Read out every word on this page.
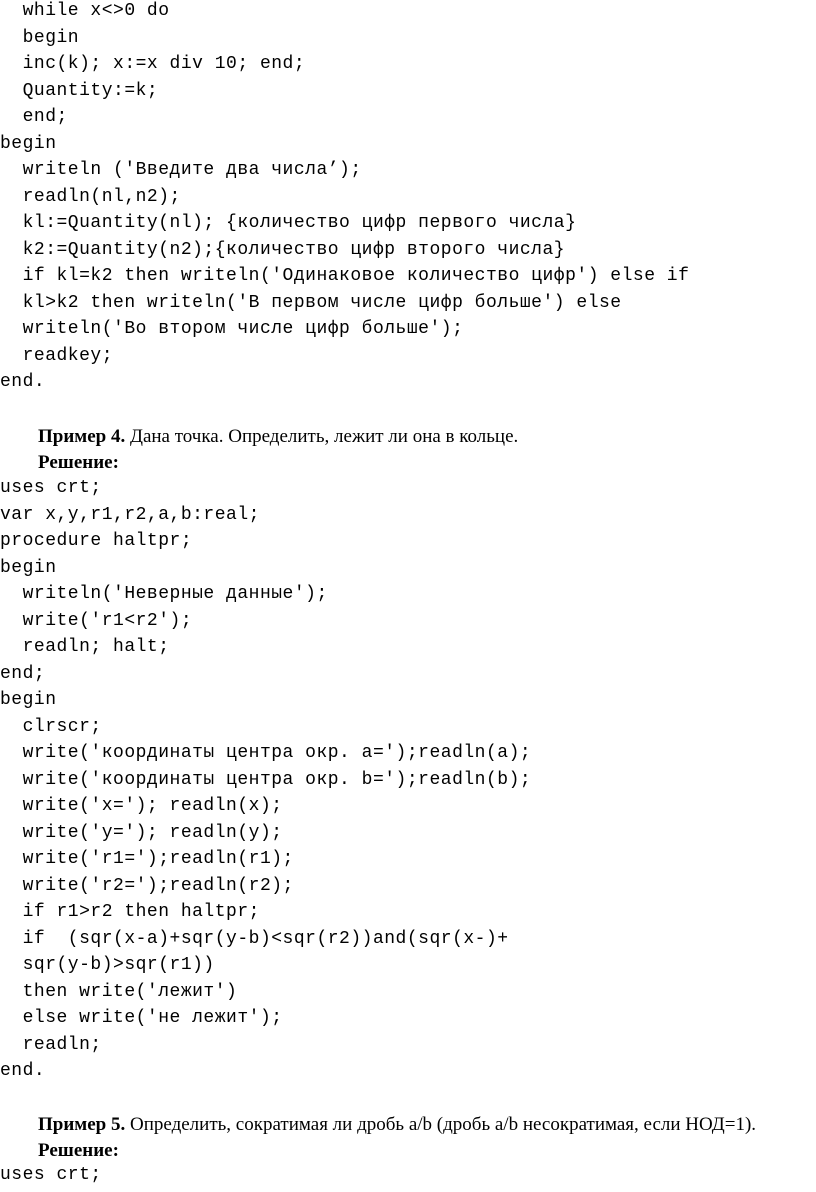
while x<>0 do
begin
inc(k); x:=x div 10; end;
Quantity:=k;
end;
begin
writeln ('Введите два числа’);
readln(nl,n2);
kl:=Quantity(nl); {количество цифр первого числа}
k2:=Quantity(n2);{количество цифр второго числа}
if kl=k2 then writeln('Одинаковое количество цифр') else if
kl>k2 then writeln('В первом числе цифр больше') else
writeln('Во втором числе цифр больше');
readkey;
end.
Пример 4. Дана точка. Определить, лежит ли она в кольце.
Решение:
uses crt;
var x,y,r1,r2,a,b:real;
procedure haltpr;
begin
writeln('Неверные данные');
write('r1<r2');
readln; halt;
end;
begin
clrscr;
write('координаты центра окр. a=');readln(a);
write('координаты центра окр. b=');readln(b);
write('x='); readln(x);
write('y='); readln(y);
write('r1=');readln(r1);
write('r2=');readln(r2);
if r1>r2 then haltpr;
if  (sqr(x-a)+sqr(y-b)<sqr(r2))and(sqr(x-)+
sqr(y-b)>sqr(r1))
then write('лежит')
else write('не лежит');
readln;
end.
Пример 5. Определить, сократимая ли дробь a/b (дробь a/b несократимая, если НОД=1).
Решение:
uses crt;
